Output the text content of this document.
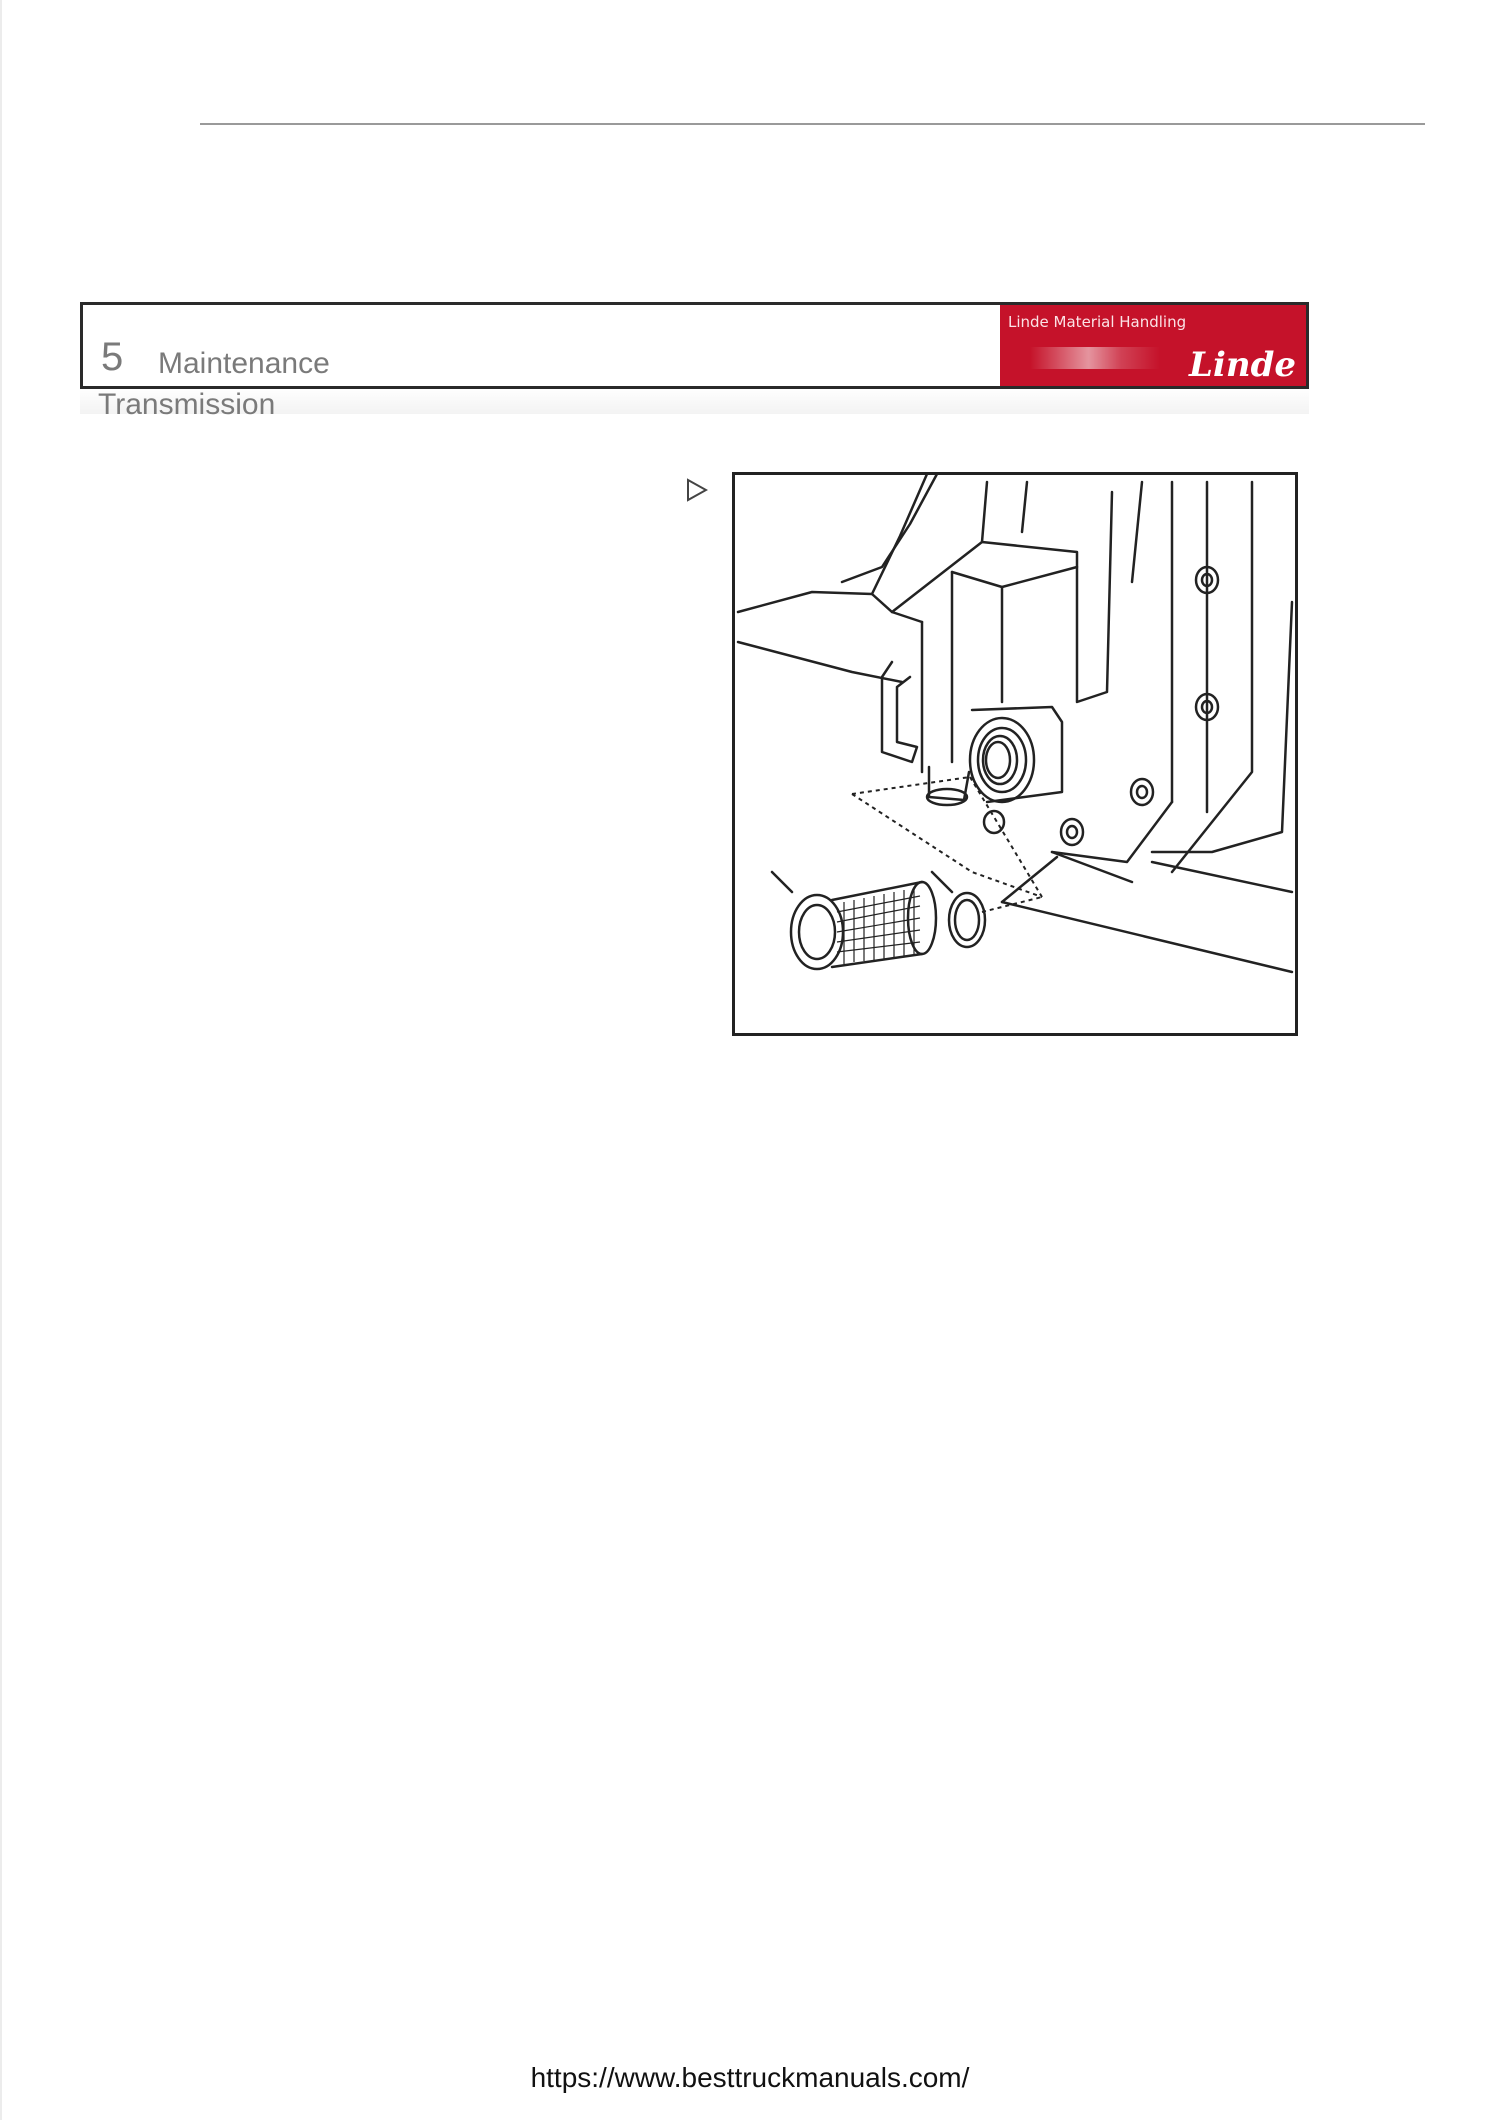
5 Maintenance
Linde Material Handling
Linde
Transmission
https://www.besttruckmanuals.com/
